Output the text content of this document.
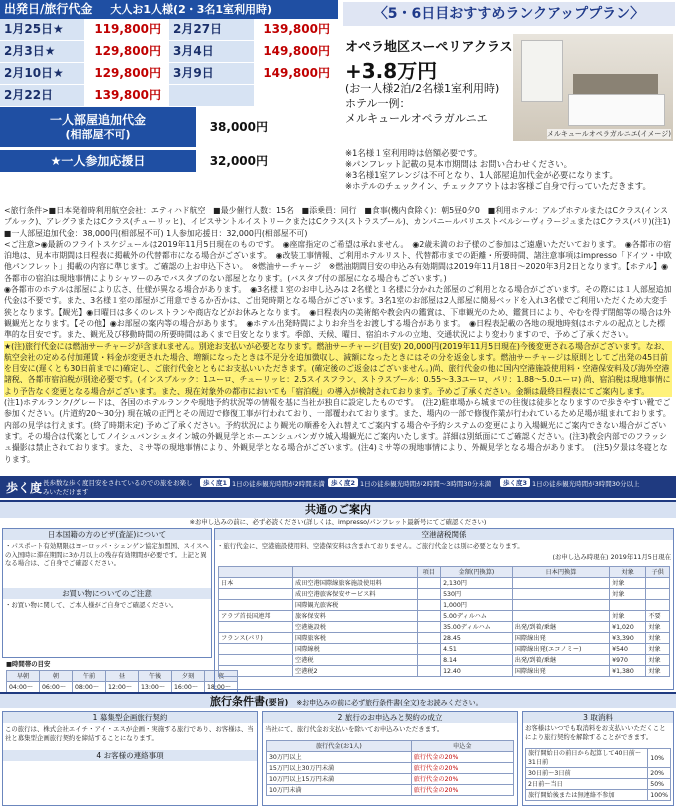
出発日/旅行代金 大人お1人様(2・3名1室利用時)
1月25日★	119,800円	2月27日	139,800円
2月3日★	129,800円	3月4日	149,800円
2月10日★	129,800円	3月9日	149,800円
2月22日	139,800円
一人部屋追加代金
(相部屋不可)	38,000円
★一人参加応援日	32,000円
〈5・6日目おすすめランクアッププラン〉
オペラ地区スーペリアクラス
+3.8万円
(お一人様2泊/2名様1室利用時)
ホテル一例：
メルキュールオペラガルニエ
メルキュールオペラガルニエ(イメージ)
※1名様１室利用時は倍額必要です。
※パンフレット記載の見本市期間は お問い合わせください。
※3名様1室アレンジは不可となり、1人部屋追加代金が必要になります。
※ホテルのチェックイン、チェックアウトはお客様ご自身で行っていただきます。
<旅行条件>■日本発着時利用航空会社：エティハド航空　■最少催行人数：15名　■添乗員：同行　■食事(機内食除く)：朝5昼0夕0　■利用ホテル：アルプホテルまたはCクラス(インスブルック)、アレグラまたはCクラス(チューリッヒ)、イビスサントルイストリークまたはCクラス(ストラスブール)、カンパニールパリエストベルシーヴィラージュまたはCクラス(パリ)(注1)　■一人部屋追加代金：38,000円(相部屋不可) 1人参加応援日：32,000円(相部屋不可)
<ご注意>◉最新のフライトスケジュールは2019年11月5日現在のものです。　◉座席指定のご希望は承れません。　◉2歳未満のお子様のご参加はご遠慮いただいております。　◉各都市の宿泊地は、見本市期間は日程表に掲載外の代替都市になる場合がございます。　◉改装工事情報、ご利用ホテルリスト、代替都市までの距離・所要時間、諸注意事項はimpresso「ドイツ・中欧他パンフレット」掲載の内容に準じます。ご確認の上お申込下さい。　※燃油サーチャージ　※燃油期間目安の申込み有効期間は2019年11月18日〜2020年3月2日となります。【ホテル】◉各都市の宿泊は現地事情によりシャワーのみでバスタブのない部屋となります。(バスタブ付の部屋になる場合もございます。)
◉各都市のホテルは部屋により広さ、仕様が異なる場合があります。　◉3名様１室のお申し込みは 2名様と１名様に分かれた部屋のご利用となる場合がございます。その際には１人部屋追加代金は不要です。また、3名様１室の部屋がご用意できるか否かは、ご出発時期となる場合がございます。3名1室のお部屋は2人部屋に簡易ベッドを入れ3名様でご利用いただくため大変手狭となります。【観光】◉日曜日は多くのレストランや商店などがお休みとなります。　◉日程表内の美術館や教会内の鑑賞は、下車観光のため、鑑賞日により、やむを得ず閉館等の場合は外観観光となります。【その他】◉お部屋の案内等の場合があります。　◉ホテル出発時間によりお弁当をお渡しする場合があります。　◉日程表記載の各地の現地時刻はホテルの起点とした標準的な目安です。また、観光及び移動時間の所要時間はあくまで目安となります。季節、天候、曜日、宿泊ホテルの立地、交通状況により変わりますので、予めご了承ください。
★(注)旅行代金には燃油サーチャージが含まれません。別途お支払いが必要となります。燃油サーチャージ(目安) 20,000円(2019年11月5日現在)今後変更される場合がございます。なお、航空会社の定める付加運賃・料金が変更された場合、増額になったときは不足分を追加徴収し、減額になったときにはその分を返金します。燃油サーチャージは原則としてご出発の45日前を目安に(遅くとも30日前までに)確定し、ご旅行代金とともにお支払いいただきます。(確定後のご返金はございません。)尚、旅行代金の他に国内空港施設使用料・空港保安料及び海外空港諸税、各都市宿泊税が別途必要です。(インスブルック：1ユーロ、チューリッヒ：2.5スイスフラン、ストラスブール：0.55〜3.3ユーロ、パリ：1.88〜5.0ユーロ) 尚、宿泊税は現地事情により予告なく変更となる場合がございます。また、現在対象外の都市においても「宿泊税」の導入が検討されております。予めご了承ください。金額は最終日程表にてご案内します。
(注1)ホテルランク/グレードは、各国のホテルランクや現地予約状況等の情報を基に当社が独自に設定したものです。　(注2)駐車場から城までの往復は徒歩となりますので歩きやすい靴でご参加ください。(片道約20〜30分) 現在城の正門とその周辺で修復工事が行われており、一部覆われております。また、場内の一部で修復作業が行われているため足場が組まれております。内部の見学は行えます。(終了時期未定) 予めご了承ください。予約状況により観光の順番を入れ替えてご案内する場合や予約システムの変更により入場観光にご案内できない場合がございます。その場合は代案としてノイシュバンシュタイン城の外観見学とホーエンシュバンガウ城入場観光にご案内いたします。詳細は別紙面にてご確認ください。(注3)教会内部でのフラッシュ撮影は禁止されております。また、ミサ等の現地事情により、外観見学となる場合がございます。(注4)ミサ等の現地事情により、外観見学となる場合があります。　(注5)夕景は冬寝となります。
歩く度 長歩数な歩く度目安をされているのでの旅をお楽しみいただけます
歩く度1 1日の徒歩観光時間が2時間未満 歩く度2 1日の徒歩観光時間が2時間〜3時間30分未満	歩く度3 1日の徒歩観光時間が3時間30分以上
共通のご案内
※お申し込みの前に、必ず必読ください(詳しくは、impresso/パンフレット最新号にてご確認ください)
日本国籍の方のビザ(査証)について
・パスポート有効期限はヨーロッパ・シェンゲン協定加盟国、スイスへの入国時に滞在期間に3か月以上の残存有効期間が必要です。上記と異なる場合は、ご自身でご確認ください。
お買い物についてのご注意
・お買い物に関して、ご本人様がご自身でご確認ください。
■時間帯の目安
早朝	朝	午前	昼	午後	夕刻	夜
04:00〜	06:00〜	08:00〜	12:00〜	13:00〜	16:00〜	18:00〜
空港諸税関係
・旅行代金に、空港施設使用料、空港保安料は含まれておりません。ご旅行代金とは別に必要となります。
(お申し込み時現在) 2019年11月5日現在
		項目	金額(円換算)	日本円換算	対象	子供
日本	成田空港国際線旅客施設使用料		2,130円		対象	
	成田空港旅客保安サービス料		530円		対象	
	国際観光旅客税		1,000円			
アラブ首長国連邦	旅客保安料		5.00ディルハム		対象	不要
	空港施設税		35.00ディルハム	出発/到着/乗継	¥1,020	対象
フランス(パリ)	国際旅客税		28.45	国際線出発	¥3,390	対象
	国際線税		4.51	国際線出発(エコノミー)	¥540	対象
	空港税		8.14	出発/到着/乗継	¥970	対象
	空港税2		12.40	国際線出発	¥1,380	対象
旅行条件書(要旨) ※お申込みの前に必ず旅行条件書(全文)をお読みください。
1 募集型企画旅行契約
この旅行は、株式会社エイチ・アイ・エスが企画・実施する旅行であり、お客様は、当社と募集型企画旅行契約を締結することになります。
4 お客様の連絡事項
2 旅行のお申込みと契約の成立
当社にて、旅行代金お支払いを除いてお申込みいただきます。
旅行代金(お1人)	申込金
30万円以上	旅行代金の20%
15万円以上30万円未満	旅行代金の20%
10万円以上15万円未満	旅行代金の20%
10万円未満	旅行代金の20%
3 取消料
お客様はいつでも取消料をお支払いいただくことにより旅行契約を解除することができます。
旅行開始日の前日から起算して40日前〜31日前	10%
30日前〜3日前	20%
2日前〜当日	50%
旅行開始後または無連絡不参加	100%
